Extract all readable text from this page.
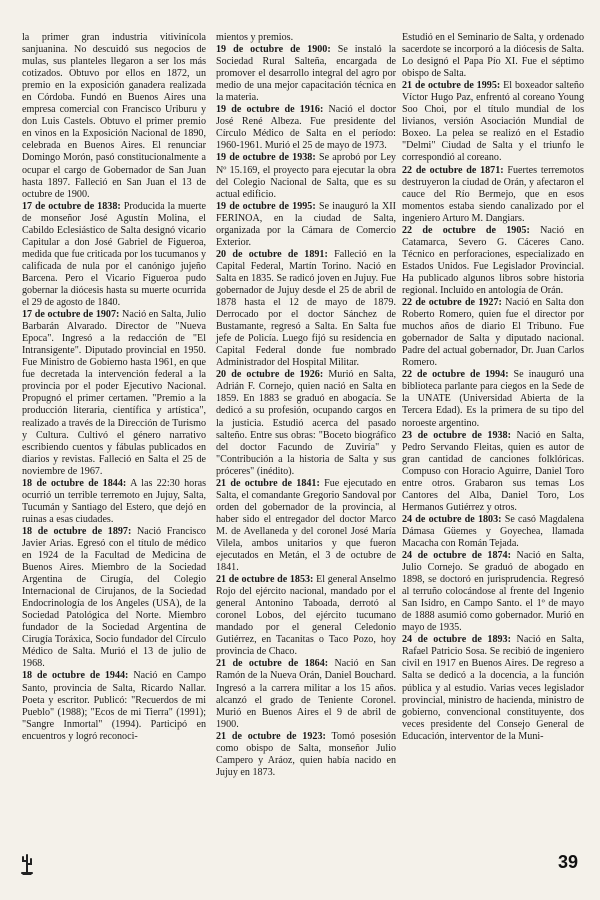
la primer gran industria vitivinícola sanjuanina. No descuidó sus negocios de mulas, sus planteles llegaron a ser los más cotizados. Obtuvo por ellos en 1872, un premio en la exposición ganadera realizada en Córdoba. Fundó en Buenos Aires una empresa comercial con Francisco Uriburu y don Luis Castels. Obtuvo el primer premio en vinos en la Exposición Nacional de 1890, celebrada en Buenos Aires. El renunciar Domingo Morón, pasó constitucionalmente a ocupar el cargo de Gobernador de San Juan hasta 1897. Falleció en San Juan el 13 de octubre de 1900.

17 de octubre de 1838: Producida la muerte de monseñor José Agustín Molina, el Cabildo Eclesiástico de Salta designó vicario Capitular a don José Gabriel de Figueroa, medida que fue criticada por los tucumanos y calificada de nula por el canónigo jujeño Barcena. Pero el Vicario Figueroa pudo gobernar la diócesis hasta su muerte ocurrida el 29 de agosto de 1840.

17 de octubre de 1907: Nació en Salta, Julio Barbarán Alvarado. Director de "Nueva Epoca". Ingresó a la redacción de "El Intransigente". Diputado provincial en 1950. Fue Ministro de Gobierno hasta 1961, en que fue decretada la intervención federal a la provincia por el poder Ejecutivo Nacional. Propugnó el primer certamen. "Premio a la producción literaria, científica y artística", realizado a través de la Dirección de Turismo y Cultura. Cultivó el género narrativo escribiendo cuentos y fábulas publicados en diarios y revistas. Falleció en Salta el 25 de noviembre de 1967.

18 de octubre de 1844: A las 22:30 horas ocurrió un terrible terremoto en Jujuy, Salta, Tucumán y Santiago del Estero, que dejó en ruinas a esas ciudades.

18 de octubre de 1897: Nació Francisco Javier Arias. Egresó con el título de médico en 1924 de la Facultad de Medicina de Buenos Aires. Miembro de la Sociedad Argentina de Cirugía, del Colegio Internacional de Cirujanos, de la Sociedad Endocrinología de los Angeles (USA), de la Sociedad Patológica del Norte. Miembro fundador de la Sociedad Argentina de Cirugía Toráxica, Socio fundador del Círculo Médico de Salta. Murió el 13 de julio de 1968.

18 de octubre de 1944: Nació en Campo Santo, provincia de Salta, Ricardo Nallar. Poeta y escritor. Publicó: "Recuerdos de mi Pueblo" (1988); "Ecos de mi Tierra" (1991); "Sangre Inmortal" (1994). Participó en encuentros y logró reconoci-

mientos y premios.

19 de octubre de 1900: Se instaló la Sociedad Rural Salteña, encargada de promover el desarrollo integral del agro por medio de una mejor capacitación técnica en la materia.

19 de octubre de 1916: Nació el doctor José René Albeza. Fue presidente del Círculo Médico de Salta en el período: 1960-1961. Murió el 25 de mayo de 1973.

19 de octubre de 1938: Se aprobó por Ley Nº 15.169, el proyecto para ejecutar la obra del Colegio Nacional de Salta, que es su actual edificio.

19 de octubre de 1995: Se inauguró la XII FERINOA, en la ciudad de Salta, organizada por la Cámara de Comercio Exterior.

20 de octubre de 1891: Falleció en la Capital Federal, Martín Torino. Nació en Salta en 1835. Se radicó joven en Jujuy. Fue gobernador de Jujuy desde el 25 de abril de 1878 hasta el 12 de mayo de 1879. Derrocado por el doctor Sánchez de Bustamante, regresó a Salta. En Salta fue jefe de Policía. Luego fijó su residencia en Capital Federal donde fue nombrado Administrador del Hospital Militar.

20 de octubre de 1926: Murió en Salta, Adrián F. Cornejo, quien nació en Salta en 1859. En 1883 se graduó en abogacía. Se dedicó a su profesión, ocupando cargos en la justicia. Estudió acerca del pasado salteño. Entre sus obras: "Boceto biográfico del doctor Facundo de Zuviría" y "Contribución a la historia de Salta y sus próceres" (inédito).

21 de octubre de 1841: Fue ejecutado en Salta, el comandante Gregorio Sandoval por orden del gobernador de la provincia, al haber sido el entregador del doctor Marco M. de Avellaneda y del coronel José María Vilela, ambos unitarios y que fueron ejecutados en Metán, el 3 de octubre de 1841.

21 de octubre de 1853: El general Anselmo Rojo del ejército nacional, mandado por el general Antonino Taboada, derrotó al coronel Lobos, del ejército tucumano mandado por el general Celedonio Gutiérrez, en Tacanitas o Taco Pozo, hoy provincia de Chaco.

21 de octubre de 1864: Nació en San Ramón de la Nueva Orán, Daniel Bouchard. Ingresó a la carrera militar a los 15 años. alcanzó el grado de Teniente Coronel. Murió en Buenos Aires el 9 de abril de 1900.

21 de octubre de 1923: Tomó posesión como obispo de Salta, monseñor Julio Campero y Aráoz, quien había nacido en Jujuy en 1873.

Estudió en el Seminario de Salta, y ordenado sacerdote se incorporó a la diócesis de Salta. Lo designó el Papa Pío XI. Fue el séptimo obispo de Salta.

21 de octubre de 1995: El boxeador salteño Víctor Hugo Paz, enfrentó al coreano Young Soo Choi, por el título mundial de los livianos, versión Asociación Mundial de Boxeo. La pelea se realizó en el Estadio "Delmi" Ciudad de Salta y el triunfo le correspondió al coreano.

22 de octubre de 1871: Fuertes terremotos destruyeron la ciudad de Orán, y afectaron el cauce del Río Bermejo, que en esos momentos estaba siendo canalizado por el ingeniero Arturo M. Dangiars.

22 de octubre de 1905: Nació en Catamarca, Severo G. Cáceres Cano. Técnico en perforaciones, especializado en Estados Unidos. Fue Legislador Provincial. Ha publicado algunos libros sobre historia regional. Incluido en antología de Orán.

22 de octubre de 1927: Nació en Salta don Roberto Romero, quien fue el director por muchos años de diario El Tribuno. Fue gobernador de Salta y diputado nacional. Padre del actual gobernador, Dr. Juan Carlos Romero.

22 de octubre de 1994: Se inauguró una biblioteca parlante para ciegos en la Sede de la UNATE (Universidad Abierta de la Tercera Edad). Es la primera de su tipo del noroeste argentino.

23 de octubre de 1938: Nació en Salta, Pedro Servando Fleitas, quien es autor de gran cantidad de canciones folklóricas. Compuso con Horacio Aguirre, Daniel Toro entre otros. Grabaron sus temas Los Cantores del Alba, Daniel Toro, Los Hermanos Gutiérrez y otros.

24 de octubre de 1803: Se casó Magdalena Dámasa Güemes y Goyechea, llamada Macacha con Román Tejada.

24 de octubre de 1874: Nació en Salta, Julio Cornejo. Se graduó de abogado en 1898, se doctoró en jurisprudencia. Regresó al terruño colocándose al frente del Ingenio San Isidro, en Campo Santo. el 1º de mayo de 1888 asumió como gobernador. Murió en mayo de 1935.

24 de octubre de 1893: Nació en Salta, Rafael Patricio Sosa. Se recibió de ingeniero civil en 1917 en Buenos Aires. De regreso a Salta se dedicó a la docencia, a la función pública y al estudio. Varias veces legislador provincial, ministro de hacienda, ministro de gobierno, convencional constituyente, dos veces presidente del Consejo General de Educación, interventor de la Muni-

39
